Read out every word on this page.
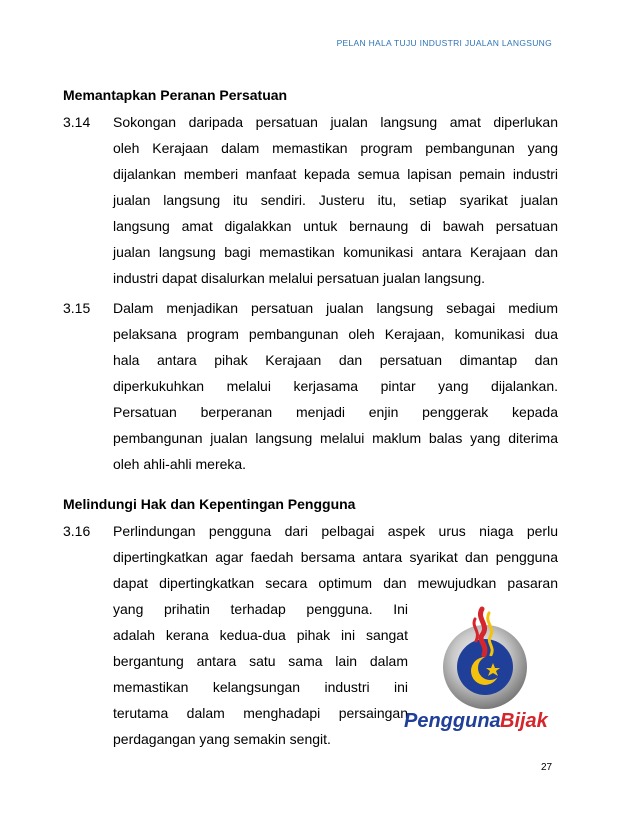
PELAN HALA TUJU INDUSTRI JUALAN LANGSUNG
Memantapkan Peranan Persatuan
3.14 Sokongan daripada persatuan jualan langsung amat diperlukan
oleh Kerajaan dalam memastikan program pembangunan yang
dijalankan memberi manfaat kepada semua lapisan pemain industri
jualan langsung itu sendiri. Justeru itu, setiap syarikat jualan
langsung amat digalakkan untuk bernaung di bawah persatuan
jualan langsung bagi memastikan komunikasi antara Kerajaan dan
industri dapat disalurkan melalui persatuan jualan langsung.
3.15 Dalam menjadikan persatuan jualan langsung sebagai medium
pelaksana program pembangunan oleh Kerajaan, komunikasi dua
hala antara pihak Kerajaan dan persatuan dimantap dan
diperkukuhkan melalui kerjasama pintar yang dijalankan.
Persatuan berperanan menjadi enjin penggerak kepada
pembangunan jualan langsung melalui maklum balas yang diterima
oleh ahli-ahli mereka.
Melindungi Hak dan Kepentingan Pengguna
3.16 Perlindungan pengguna dari pelbagai aspek urus niaga perlu
dipertingkatkan agar faedah bersama antara syarikat dan pengguna
dapat dipertingkatkan secara optimum dan mewujudkan pasaran
yang prihatin terhadap pengguna. Ini
adalah kerana kedua-dua pihak ini sangat
bergantung antara satu sama lain dalam
memastikan kelangsungan industri ini
terutama dalam menghadapi persaingan
perdagangan yang semakin sengit.
Pengguna Bijak
27
